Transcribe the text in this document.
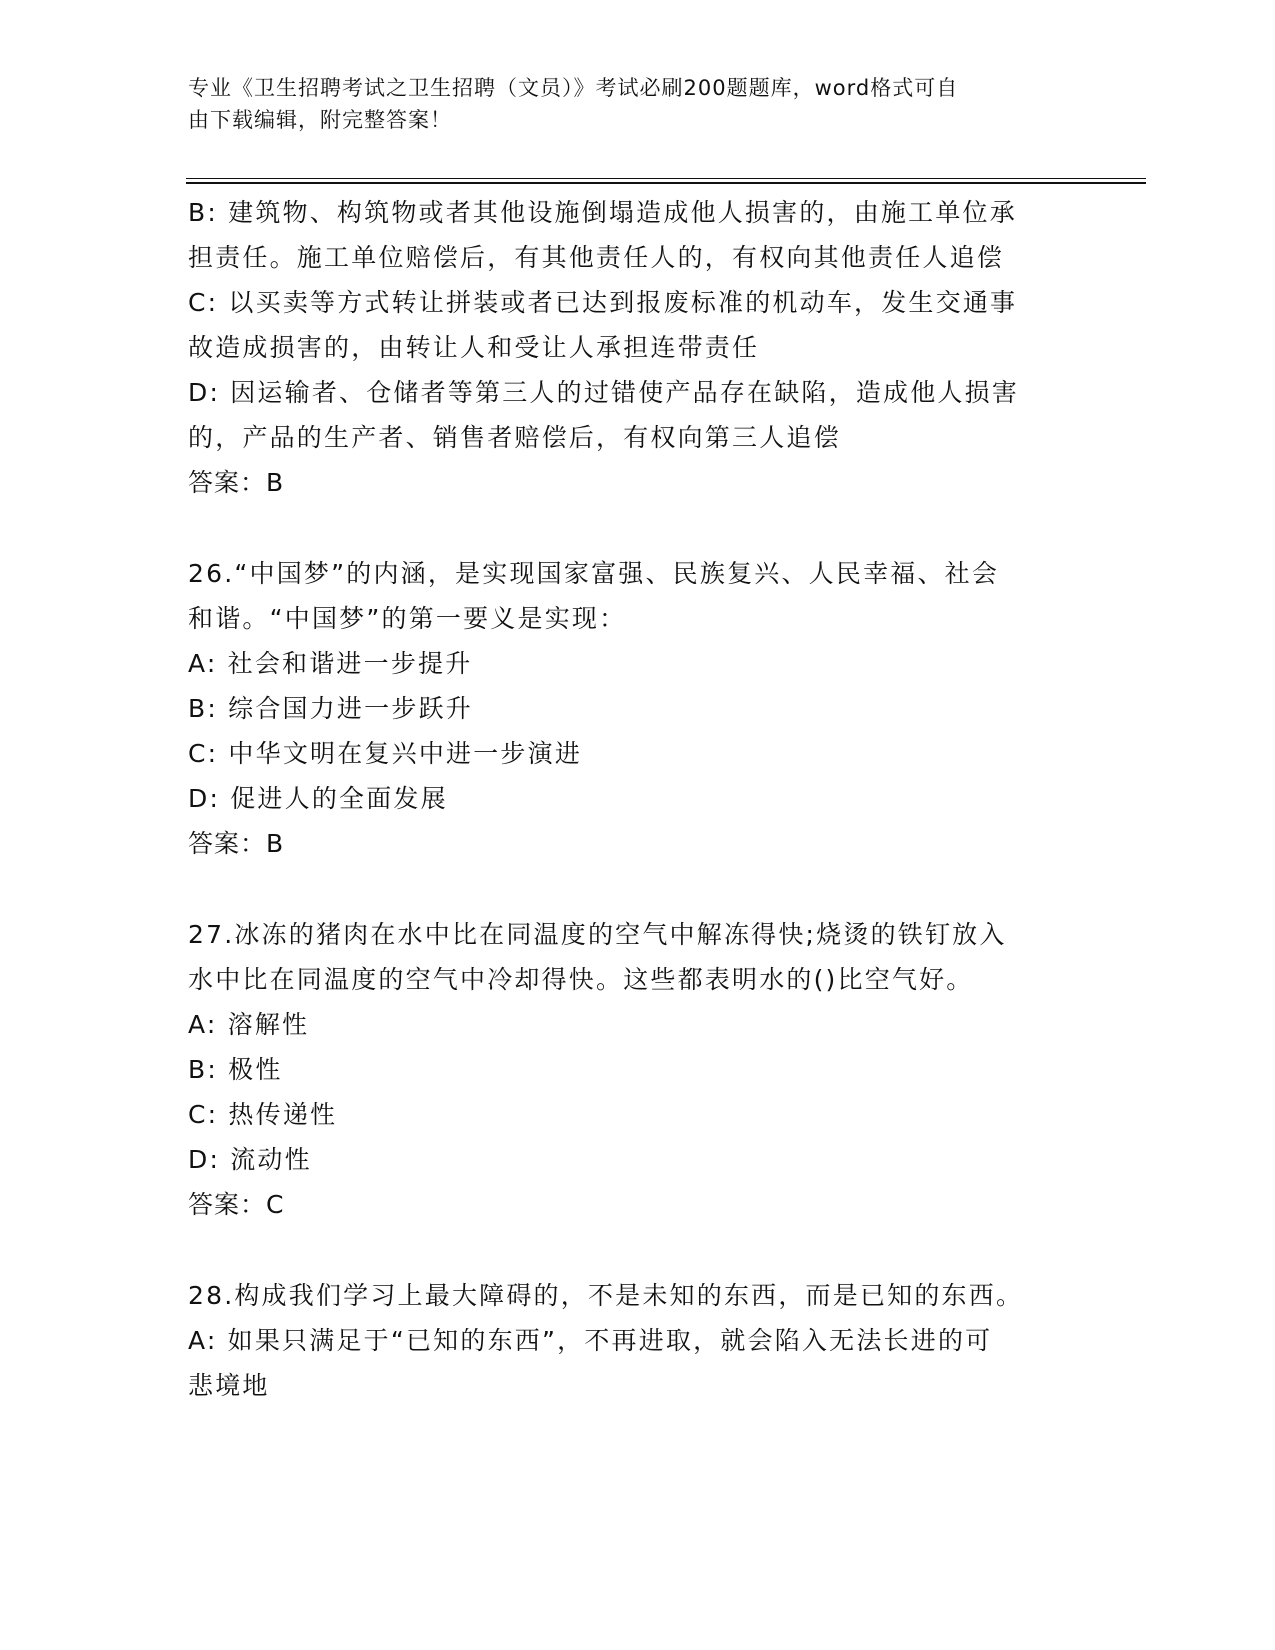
专业《卫生招聘考试之卫生招聘（文员）》考试必刷200题题库，word格式可自
由下载编辑，附完整答案！
B: 建筑物、构筑物或者其他设施倒塌造成他人损害的，由施工单位承
担责任。施工单位赔偿后，有其他责任人的，有权向其他责任人追偿
C: 以买卖等方式转让拼装或者已达到报废标准的机动车，发生交通事
故造成损害的，由转让人和受让人承担连带责任
D: 因运输者、仓储者等第三人的过错使产品存在缺陷，造成他人损害
的，产品的生产者、销售者赔偿后，有权向第三人追偿
答案：B
26.“中国梦”的内涵，是实现国家富强、民族复兴、人民幸福、社会
和谐。“中国梦”的第一要义是实现：
A: 社会和谐进一步提升
B: 综合国力进一步跃升
C: 中华文明在复兴中进一步演进
D: 促进人的全面发展
答案：B
27.冰冻的猪肉在水中比在同温度的空气中解冻得快;烧烫的铁钉放入
水中比在同温度的空气中冷却得快。这些都表明水的()比空气好。
A: 溶解性
B: 极性
C: 热传递性
D: 流动性
答案：C
28.构成我们学习上最大障碍的，不是未知的东西，而是已知的东西。
A: 如果只满足于“已知的东西”，不再进取，就会陷入无法长进的可
悲境地
